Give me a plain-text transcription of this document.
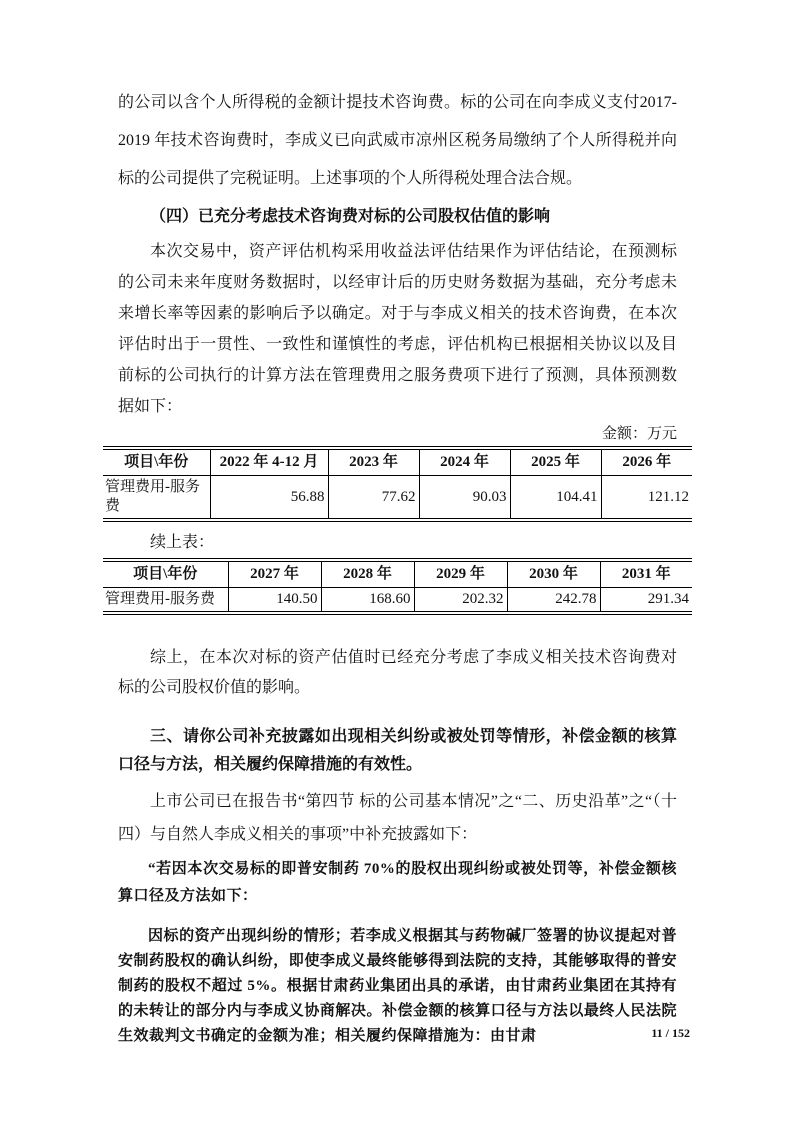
的公司以含个人所得税的金额计提技术咨询费。标的公司在向李成义支付2017-2019 年技术咨询费时，李成义已向武威市凉州区税务局缴纳了个人所得税并向标的公司提供了完税证明。上述事项的个人所得税处理合法合规。

（四）已充分考虑技术咨询费对标的公司股权估值的影响

本次交易中，资产评估机构采用收益法评估结果作为评估结论，在预测标的公司未来年度财务数据时，以经审计后的历史财务数据为基础，充分考虑未来增长率等因素的影响后予以确定。对于与李成义相关的技术咨询费，在本次评估时出于一贯性、一致性和谨慎性的考虑，评估机构已根据相关协议以及目前标的公司执行的计算方法在管理费用之服务费项下进行了预测，具体预测数据如下：

金额：万元

项目\年份	2022 年 4-12 月	2023 年	2024 年	2025 年	2026 年
管理费用-服务费	56.88	77.62	90.03	104.41	121.12

续上表：

项目\年份	2027 年	2028 年	2029 年	2030 年	2031 年
管理费用-服务费	140.50	168.60	202.32	242.78	291.34

综上，在本次对标的资产估值时已经充分考虑了李成义相关技术咨询费对标的公司股权价值的影响。

三、请你公司补充披露如出现相关纠纷或被处罚等情形，补偿金额的核算口径与方法，相关履约保障措施的有效性。

上市公司已在报告书“第四节 标的公司基本情况”之“二、历史沿革”之“（十四）与自然人李成义相关的事项”中补充披露如下：

“若因本次交易标的即普安制药 70%的股权出现纠纷或被处罚等，补偿金额核算口径及方法如下：

因标的资产出现纠纷的情形；若李成义根据其与药物碱厂签署的协议提起对普安制药股权的确认纠纷，即使李成义最终能够得到法院的支持，其能够取得的普安制药的股权不超过 5%。根据甘肃药业集团出具的承诺，由甘肃药业集团在其持有的未转让的部分内与李成义协商解决。补偿金额的核算口径与方法以最终人民法院生效裁判文书确定的金额为准；相关履约保障措施为：由甘肃	11 / 152
